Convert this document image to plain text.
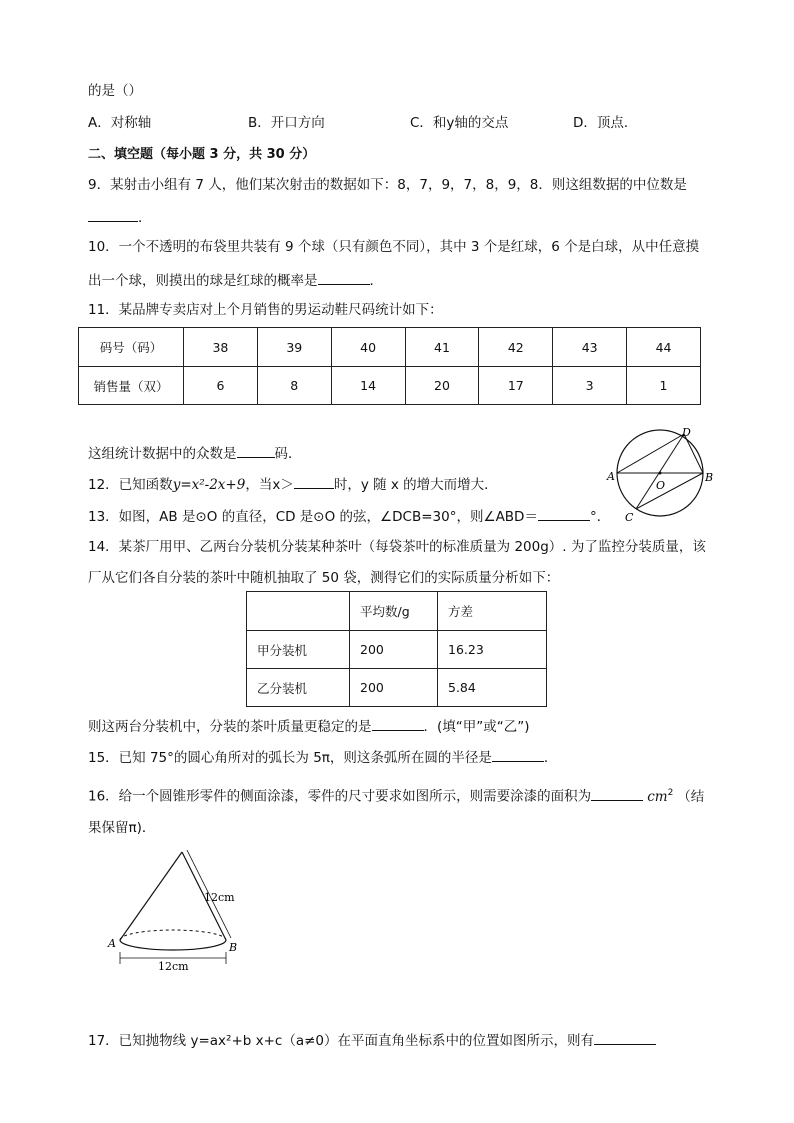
的是（）
A．对称轴	B．开口方向	C．和y轴的交点	D．顶点．
二、填空题（每小题 3 分，共 30 分）
9．某射击小组有 7 人，他们某次射击的数据如下：8，7，9，7，8，9，8．则这组数据的中位数是
．
10．一个不透明的布袋里共装有 9 个球（只有颜色不同），其中 3 个是红球，6 个是白球，从中任意摸
出一个球，则摸出的球是红球的概率是	．
11．某品牌专卖店对上个月销售的男运动鞋尺码统计如下：
码号（码）	38	39	40	41	42	43	44
销售量（双）	6	8	14	20	17	3	1
这组统计数据中的众数是	码．
A	B
C
D
O
12．已知函数y=x²-2x+9，当x＞	时，y 随 x 的增大而增大．
13．如图，AB 是⊙O 的直径，CD 是⊙O 的弦，∠DCB=30°，则∠ABD＝	°．
14．某茶厂用甲、乙两台分装机分装某种茶叶（每袋茶叶的标准质量为 200g）. 为了监控分装质量，该
厂从它们各自分装的茶叶中随机抽取了 50 袋，测得它们的实际质量分析如下：
	平均数/g	方差
甲分装机	200	16.23
乙分装机	200	5.84
则这两台分装机中，分装的茶叶质量更稳定的是	．(填“甲”或“乙”)
15．已知 75°的圆心角所对的弧长为 5π，则这条弧所在圆的半径是	．
16．给一个圆锥形零件的侧面涂漆，零件的尺寸要求如图所示，则需要涂漆的面积为	$cm^2$ （结
果保留π)．
12cm
12cm
A	B
17．已知抛物线 y=ax²+b x+c（a≠0）在平面直角坐标系中的位置如图所示，则有
